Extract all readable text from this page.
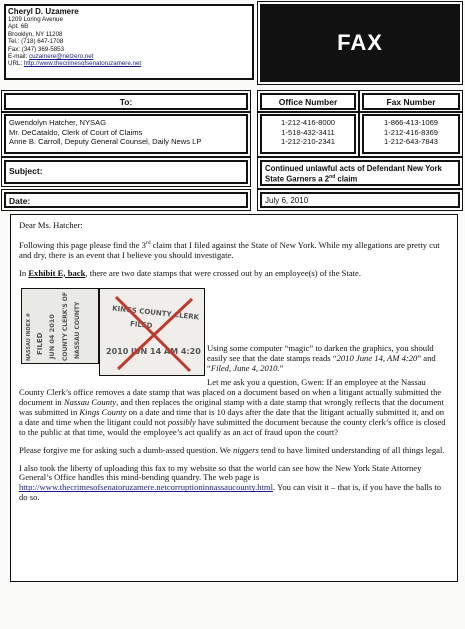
Cheryl D. Uzamere
1209 Loring Avenue
Apt. 6B
Brooklyn, NY 11208
Tel.: (718) 647-1708
Fax: (347) 369-5853
E-mail: cuzamere@netzero.net
URL: http://www.thecrimesofsenatoruzamere.net
FAX
To:	Office Number	Fax Number
Gwendolyn Hatcher, NYSAG
Mr. DeCataldo, Clerk of Court of Claims
Anne B. Carroll, Deputy General Counsel, Daily News LP
1-212-416-8000
1-518-432-3411
1-212-210-2341
1-866-413-1069
1-212-416-8369
1-212-643-7843
Subject:	Continued unlawful acts of Defendant New York State Garners a 2nd claim
Date:	July 6, 2010

Dear Ms. Hatcher:

Following this page please find the 3rd claim that I filed against the State of New York. While my allegations are pretty cut and dry, there is an event that I believe you should investigate.

In Exhibit E, back, there are two date stamps that were crossed out by an employee(s) of the State.

Using some computer “magic” to darken the graphics, you should easily see that the date stamps reads “2010 June 14, AM 4:20” and “Filed, June 4, 2010.”

Let me ask you a question, Gwen: If an employee at the Nassau County Clerk’s office removes a date stamp that was placed on a document based on when a litigant actually submitted the document in Nassau County, and then replaces the original stamp with a date stamp that wrongly reflects that the document was submitted in Kings County on a date and time that is 10 days after the date that the litigant actually submitted it, and on a date and time when the litigant could not possibly have submitted the document because the county clerk’s office is closed to the public at that time, would the employee’s act qualify as an act of fraud upon the court?

Please forgive me for asking such a dumb-assed question. We niggers tend to have limited understanding of all things legal.

I also took the liberty of uploading this fax to my website so that the world can see how the New York State Attorney General’s Office handles this mind-bending quandry. The web page is http://www.thecrimesofsenatoruzamere.netcorruptioninnassaucounty.html. You can visit it – that is, if you have the balls to do so.

NASSAU INDEX # FILED JUN 04 2010 COUNTY CLERK'S OF NASSAU COUNTY	KINGS COUNTY CLERK
FILED
2010 JUN 14 AM 4:20
